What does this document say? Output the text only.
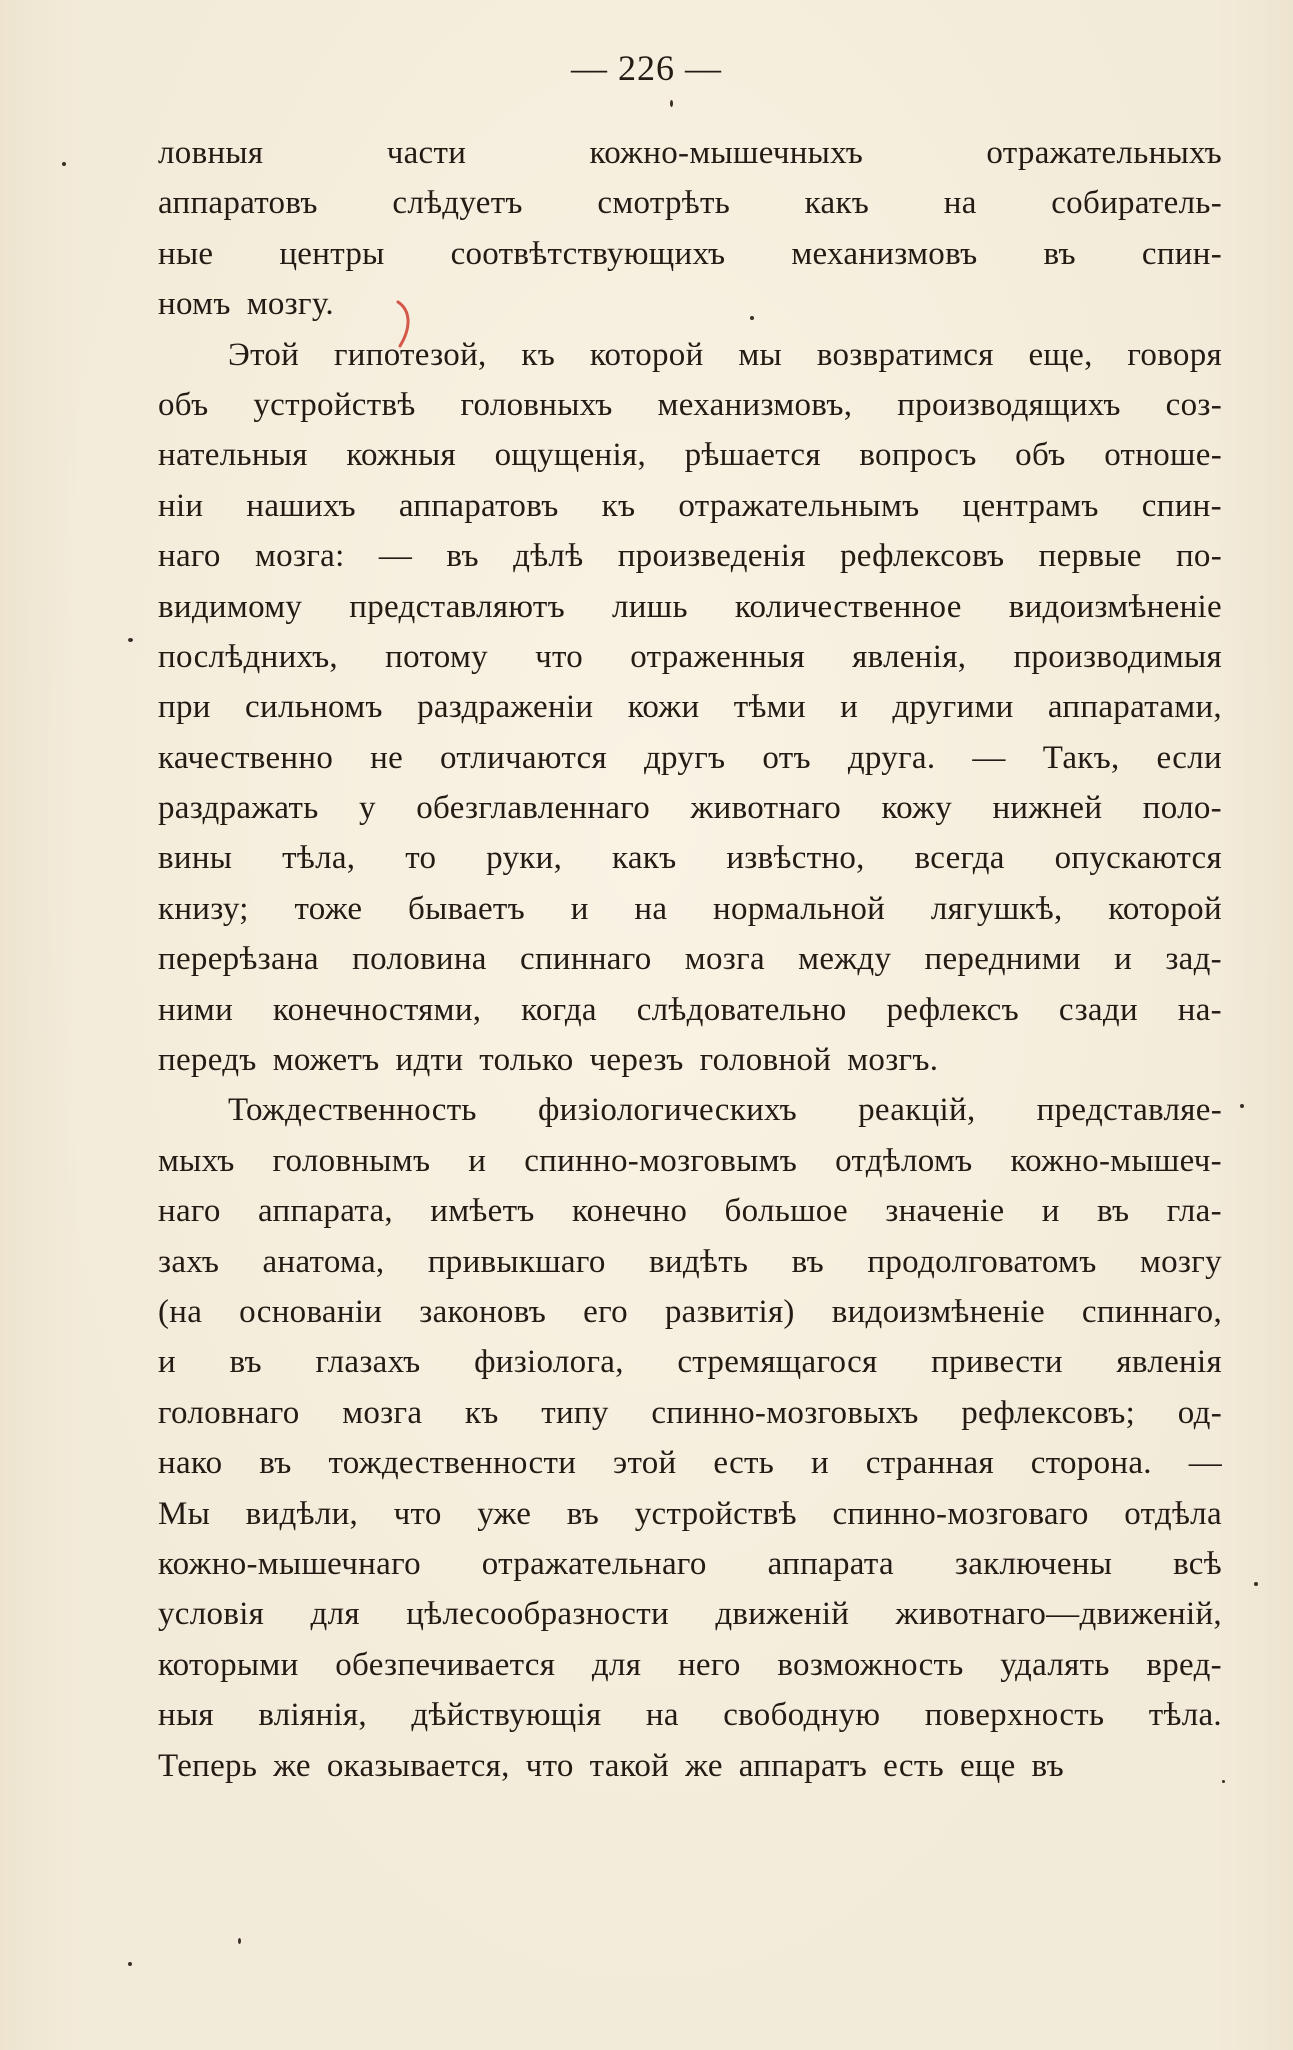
— 226 —
ловныя	части	кожно-мышечныхъ	отражательныхъ
аппаратовъ слѣдуетъ смотрѣть какъ на собиратель-
ные центры соотвѣтствующихъ механизмовъ въ спин-
номъ мозгу.
Этой гипотезой, къ которой мы возвратимся еще, говоря
объ устройствѣ головныхъ механизмовъ, производящихъ соз-
нательныя кожныя ощущенія, рѣшается вопросъ объ отноше-
ніи нашихъ аппаратовъ къ отражательнымъ центрамъ спин-
наго мозга: — въ дѣлѣ произведенія рефлексовъ первые по-
видимому представляютъ лишь количественное видоизмѣненіе
послѣднихъ, потому что отраженныя явленія, производимыя
при сильномъ раздраженіи кожи тѣми и другими аппаратами,
качественно не отличаются другъ отъ друга. — Такъ, если
раздражать у обезглавленнаго животнаго кожу нижней поло-
вины тѣла, то руки, какъ извѣстно, всегда опускаются
книзу; тоже бываетъ и на нормальной лягушкѣ, которой
перерѣзана половина спиннаго мозга между передними и зад-
ними конечностями, когда слѣдовательно рефлексъ сзади на-
передъ можетъ идти только черезъ головной мозгъ.
Тождественность физіологическихъ реакцій, представляе-
мыхъ головнымъ и спинно-мозговымъ отдѣломъ кожно-мышеч-
наго аппарата, имѣетъ конечно большое значеніе и въ гла-
захъ анатома, привыкшаго видѣть въ продолговатомъ мозгу
(на основаніи законовъ его развитія) видоизмѣненіе спиннаго,
и въ глазахъ физіолога, стремящагося привести явленія
головнаго мозга къ типу спинно-мозговыхъ рефлексовъ; од-
нако въ тождественности этой есть и странная сторона. —
Мы видѣли, что уже въ устройствѣ спинно-мозговаго отдѣла
кожно-мышечнаго отражательнаго аппарата заключены всѣ
условія для цѣлесообразности движеній животнаго—движеній,
которыми обезпечивается для него возможность удалять вред-
ныя вліянія, дѣйствующія на свободную поверхность тѣла.
Теперь же оказывается, что такой же аппаратъ есть еще въ
